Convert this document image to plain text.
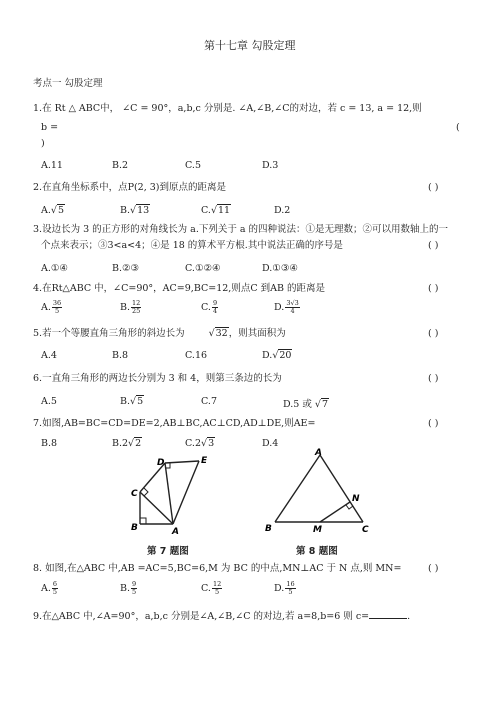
第十七章 勾股定理
考点一 勾股定理
1.在 Rt △ ABC中， ∠C = 90°，a,b,c 分别是. ∠A,∠B,∠C的对边，若 c = 13, a = 12,则
b =	(
)
A.11	B.2	C.5	D.3
2.在直角坐标系中，点P(2, 3)到原点的距离是	( )
A.√5	B.√13	C.√11	D.2
3.设边长为 3 的正方形的对角线长为 a.下列关于 a 的四种说法：①是无理数；②可以用数轴上的一
个点来表示；③3<a<4；④是 18 的算术平方根.其中说法正确的序号是	( )
A.①④	B.②③	C.①②④	D.①③④
4.在Rt△ABC 中，∠C=90°，AC=9,BC=12,则点C 到AB 的距离是	( )
A. $\frac{36}{5}$	B. $\frac{12}{25}$	C. $\frac{9}{4}$	D. $\frac{3√3}{4}$
5.若一个等腰直角三角形的斜边长为	√32，则其面积为	( )
A.4	B.8	C.16	D.√20
6.一直角三角形的两边长分别为 3 和 4，则第三条边的长为	( )
A.5	B.√5	C.7	D.5 或 √7
7.如图,AB=BC=CD=DE=2,AB⊥BC,AC⊥CD,AD⊥DE,则AE=	( )
B.8	B.2√2	C.2√3	D.4
D	E
C
B	A
第 7 题图
A
N
B	M	C
第 8 题图
8. 如图,在△ABC 中,AB =AC=5,BC=6,M 为 BC 的中点,MN⊥AC 于 N 点,则 MN=	( )
A. $\frac{6}{5}$	B. $\frac{9}{5}$	C. $\frac{12}{5}$	D. $\frac{16}{5}$
9.在△ABC 中,∠A=90°，a,b,c 分别是∠A,∠B,∠C 的对边,若 a=8,b=6 则 c=	.
